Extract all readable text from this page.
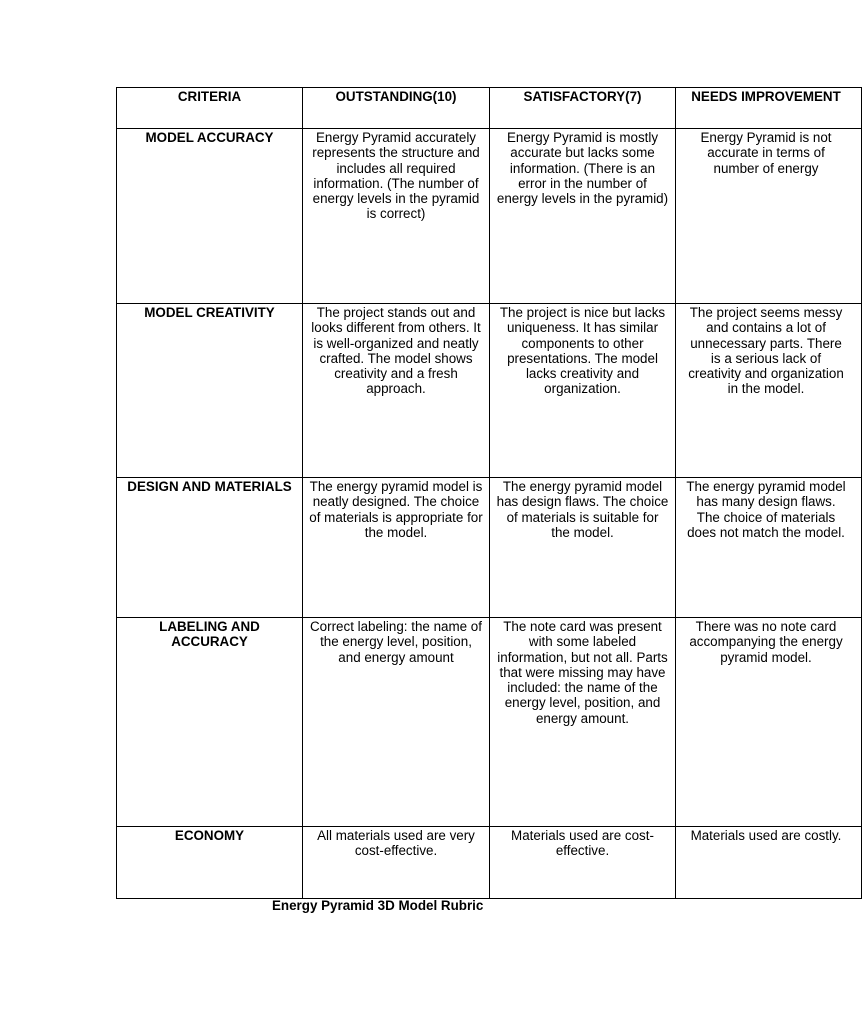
CRITERIA	OUTSTANDING(10)	SATISFACTORY(7)	NEEDS IMPROVEMENT

MODEL ACCURACY	Energy Pyramid accurately represents the structure and includes all required information. (The number of energy levels in the pyramid is correct)	Energy Pyramid is mostly accurate but lacks some information. (There is an error in the number of energy levels in the pyramid)	Energy Pyramid is not accurate in terms of number of energy

MODEL CREATIVITY	The project stands out and looks different from others. It is well-organized and neatly crafted. The model shows creativity and a fresh approach.	The project is nice but lacks uniqueness. It has similar components to other presentations. The model lacks creativity and organization.	The project seems messy and contains a lot of unnecessary parts. There is a serious lack of creativity and organization in the model.

DESIGN AND MATERIALS	The energy pyramid model is neatly designed. The choice of materials is appropriate for the model.	The energy pyramid model has design flaws. The choice of materials is suitable for the model.	The energy pyramid model has many design flaws. The choice of materials does not match the model.

LABELING AND ACCURACY	Correct labeling: the name of the energy level, position, and energy amount	The note card was present with some labeled information, but not all. Parts that were missing may have included: the name of the energy level, position, and energy amount.	There was no note card accompanying the energy pyramid model.

ECONOMY	All materials used are very cost-effective.	Materials used are cost-effective.	Materials used are costly.
Energy Pyramid 3D Model Rubric
